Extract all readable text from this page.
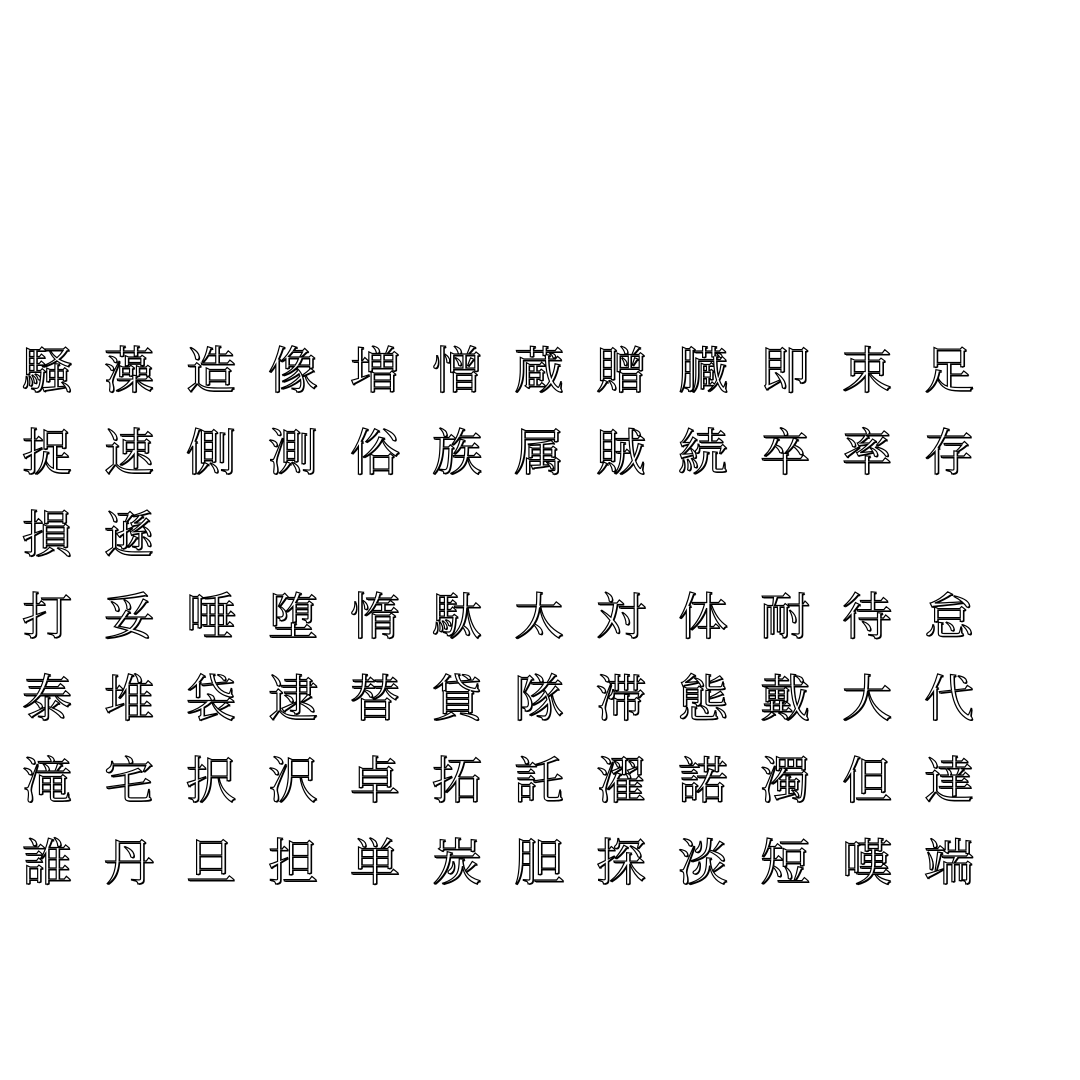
騒 藻 造 像 増 憎 蔵 贈 臓 即 束 足
捉 速 側 測 俗 族 属 賊 続 卒 率 存
損 遜
打 妥 唾 堕 惰 駄 太 対 体 耐 待 怠
泰 堆 袋 逮 替 貸 隊 滞 態 戴 大 代
滝 宅 択 沢 卓 拓 託 濯 諾 濁 但 達
誰 丹 旦 担 単 炭 胆 探 淡 短 嘆 端
